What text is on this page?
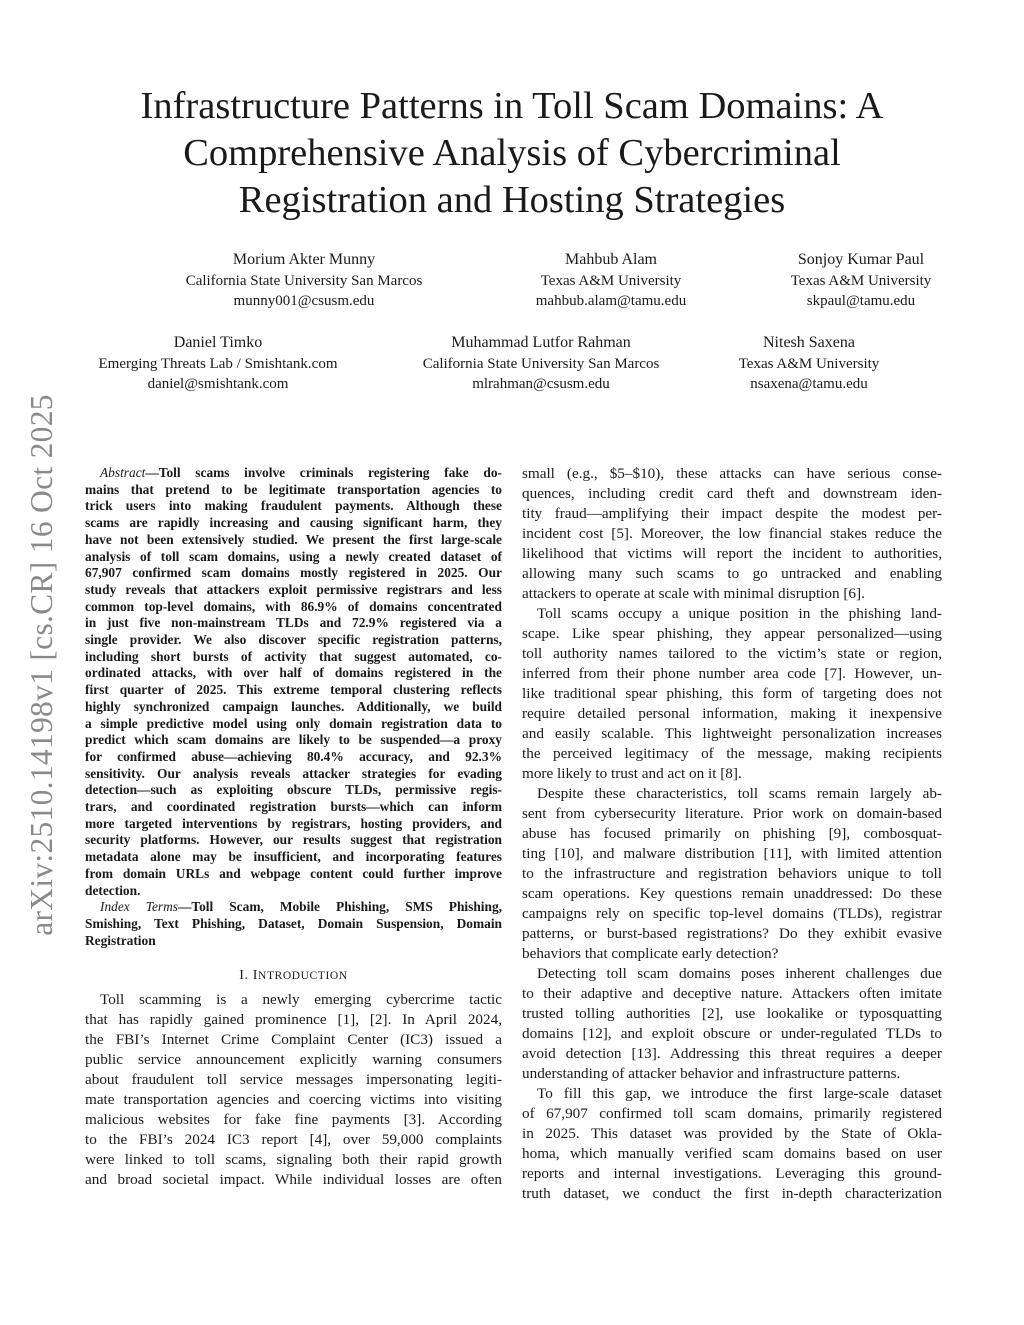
arXiv:2510.14198v1 [cs.CR] 16 Oct 2025
Infrastructure Patterns in Toll Scam Domains: A
Comprehensive Analysis of Cybercriminal
Registration and Hosting Strategies
Morium Akter Munny
California State University San Marcos
munny001@csusm.edu
Mahbub Alam
Texas A&M University
mahbub.alam@tamu.edu
Sonjoy Kumar Paul
Texas A&M University
skpaul@tamu.edu
Daniel Timko
Emerging Threats Lab / Smishtank.com
daniel@smishtank.com
Muhammad Lutfor Rahman
California State University San Marcos
mlrahman@csusm.edu
Nitesh Saxena
Texas A&M University
nsaxena@tamu.edu
Abstract—Toll scams involve criminals registering fake do-
mains that pretend to be legitimate transportation agencies to
trick users into making fraudulent payments. Although these
scams are rapidly increasing and causing significant harm, they
have not been extensively studied. We present the first large-scale
analysis of toll scam domains, using a newly created dataset of
67,907 confirmed scam domains mostly registered in 2025. Our
study reveals that attackers exploit permissive registrars and less
common top-level domains, with 86.9% of domains concentrated
in just five non-mainstream TLDs and 72.9% registered via a
single provider. We also discover specific registration patterns,
including short bursts of activity that suggest automated, co-
ordinated attacks, with over half of domains registered in the
first quarter of 2025. This extreme temporal clustering reflects
highly synchronized campaign launches. Additionally, we build
a simple predictive model using only domain registration data to
predict which scam domains are likely to be suspended—a proxy
for confirmed abuse—achieving 80.4% accuracy, and 92.3%
sensitivity. Our analysis reveals attacker strategies for evading
detection—such as exploiting obscure TLDs, permissive regis-
trars, and coordinated registration bursts—which can inform
more targeted interventions by registrars, hosting providers, and
security platforms. However, our results suggest that registration
metadata alone may be insufficient, and incorporating features
from domain URLs and webpage content could further improve
detection.
Index Terms—Toll Scam, Mobile Phishing, SMS Phishing,
Smishing, Text Phishing, Dataset, Domain Suspension, Domain
Registration
I. INTRODUCTION
Toll scamming is a newly emerging cybercrime tactic
that has rapidly gained prominence [1], [2]. In April 2024,
the FBI’s Internet Crime Complaint Center (IC3) issued a
public service announcement explicitly warning consumers
about fraudulent toll service messages impersonating legiti-
mate transportation agencies and coercing victims into visiting
malicious websites for fake fine payments [3]. According
to the FBI’s 2024 IC3 report [4], over 59,000 complaints
were linked to toll scams, signaling both their rapid growth
and broad societal impact. While individual losses are often
small (e.g., $5–$10), these attacks can have serious conse-
quences, including credit card theft and downstream iden-
tity fraud—amplifying their impact despite the modest per-
incident cost [5]. Moreover, the low financial stakes reduce the
likelihood that victims will report the incident to authorities,
allowing many such scams to go untracked and enabling
attackers to operate at scale with minimal disruption [6].
Toll scams occupy a unique position in the phishing land-
scape. Like spear phishing, they appear personalized—using
toll authority names tailored to the victim’s state or region,
inferred from their phone number area code [7]. However, un-
like traditional spear phishing, this form of targeting does not
require detailed personal information, making it inexpensive
and easily scalable. This lightweight personalization increases
the perceived legitimacy of the message, making recipients
more likely to trust and act on it [8].
Despite these characteristics, toll scams remain largely ab-
sent from cybersecurity literature. Prior work on domain-based
abuse has focused primarily on phishing [9], combosquat-
ting [10], and malware distribution [11], with limited attention
to the infrastructure and registration behaviors unique to toll
scam operations. Key questions remain unaddressed: Do these
campaigns rely on specific top-level domains (TLDs), registrar
patterns, or burst-based registrations? Do they exhibit evasive
behaviors that complicate early detection?
Detecting toll scam domains poses inherent challenges due
to their adaptive and deceptive nature. Attackers often imitate
trusted tolling authorities [2], use lookalike or typosquatting
domains [12], and exploit obscure or under-regulated TLDs to
avoid detection [13]. Addressing this threat requires a deeper
understanding of attacker behavior and infrastructure patterns.
To fill this gap, we introduce the first large-scale dataset
of 67,907 confirmed toll scam domains, primarily registered
in 2025. This dataset was provided by the State of Okla-
homa, which manually verified scam domains based on user
reports and internal investigations. Leveraging this ground-
truth dataset, we conduct the first in-depth characterization
